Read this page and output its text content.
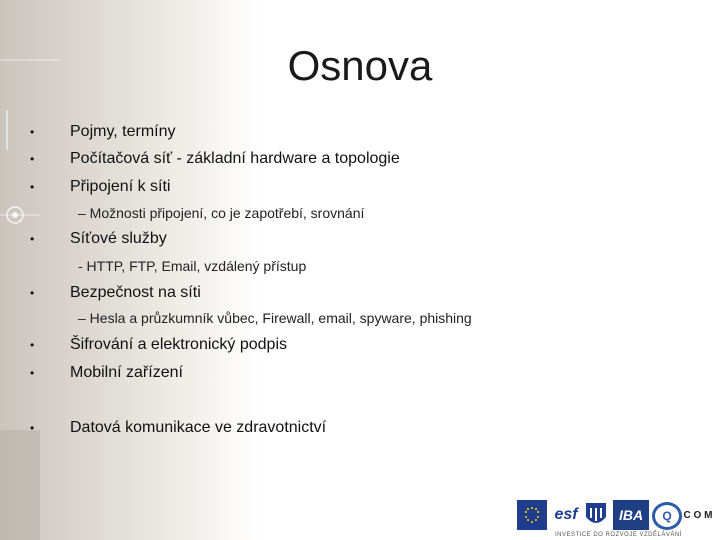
Osnova
•	Pojmy, termíny
•	Počítačová síť - základní hardware a topologie
•	Připojení k síti
– Možnosti připojení, co je zapotřebí, srovnání
•	Síťové služby
- HTTP, FTP, Email, vzdálený přístup
•	Bezpečnost na síti
– Hesla a průzkumník vůbec, Firewall, email, spyware, phishing
•	Šifrování a elektronický podpis
•	Mobilní zařízení
•	Datová komunikace ve zdravotnictví
esf	IBA	Q	C O M
INVESTICE DO ROZVOJE VZDĚLÁVÁNÍ
